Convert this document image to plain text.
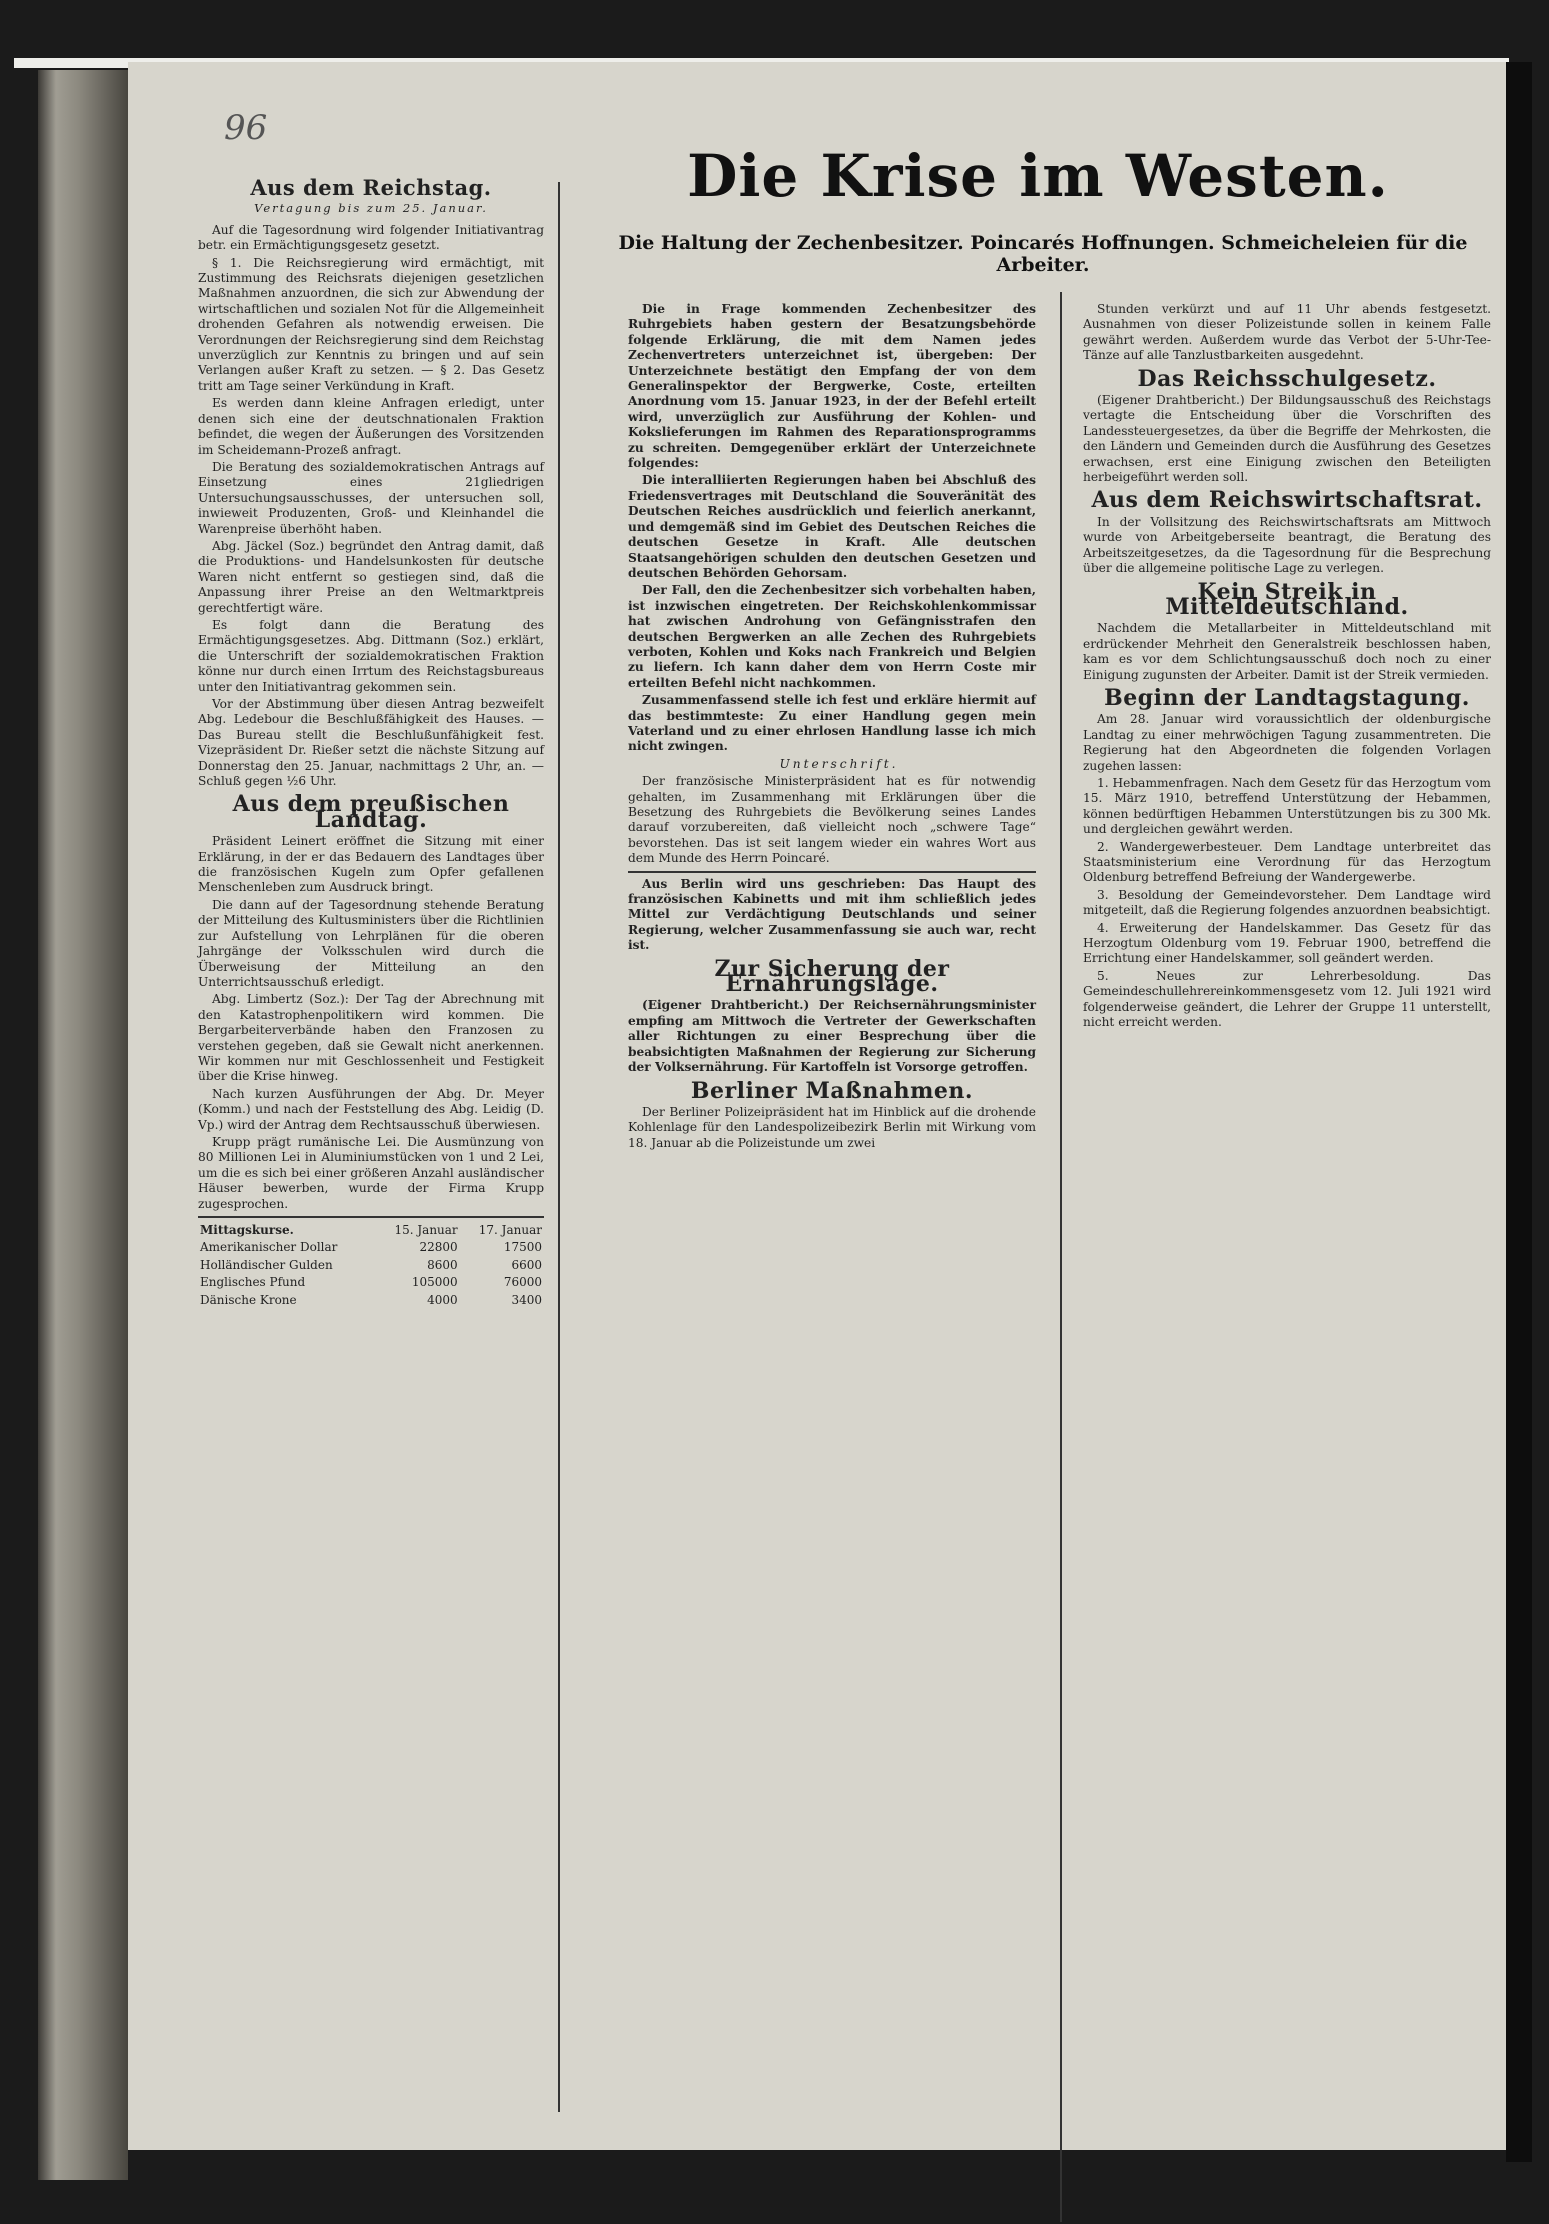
96
Die Krise im Westen.
Die Haltung der Zechenbesitzer. Poincarés Hoffnungen. Schmeicheleien für die Arbeiter.
Aus dem Reichstag.
Vertagung bis zum 25. Januar.

Auf die Tagesordnung wird folgender Initiativantrag betr. ein Ermächtigungsgesetz gesetzt.

§ 1. Die Reichsregierung wird ermächtigt, mit Zustimmung des Reichsrats diejenigen gesetzlichen Maßnahmen anzuordnen, die sich zur Abwendung der wirtschaftlichen und sozialen Not für die Allgemeinheit drohenden Gefahren als notwendig erweisen. Die Verordnungen der Reichsregierung sind dem Reichstag unverzüglich zur Kenntnis zu bringen und auf sein Verlangen außer Kraft zu setzen. — § 2. Das Gesetz tritt am Tage seiner Verkündung in Kraft.

Es werden dann kleine Anfragen erledigt, unter denen sich eine der deutschnationalen Fraktion befindet, die wegen der Äußerungen des Vorsitzenden im Scheidemann-Prozeß anfragt.

Die Beratung des sozialdemokratischen Antrags auf Einsetzung eines 21gliedrigen Untersuchungsausschusses, der untersuchen soll, inwieweit Produzenten, Groß- und Kleinhandel die Warenpreise überhöht haben.

Abg. Jäckel (Soz.) begründet den Antrag damit, daß die Produktions- und Handelsunkosten für deutsche Waren nicht entfernt so gestiegen sind, daß die Anpassung ihrer Preise an den Weltmarktpreis gerechtfertigt wäre.

Es folgt dann die Beratung des Ermächtigungsgesetzes. Abg. Dittmann (Soz.) erklärt, die Unterschrift der sozialdemokratischen Fraktion könne nur durch einen Irrtum des Reichstagsbureaus unter den Initiativantrag gekommen sein.

Vor der Abstimmung über diesen Antrag bezweifelt Abg. Ledebour die Beschlußfähigkeit des Hauses. — Das Bureau stellt die Beschlußunfähigkeit fest. Vizepräsident Dr. Rießer setzt die nächste Sitzung auf Donnerstag den 25. Januar, nachmittags 2 Uhr, an. — Schluß gegen ½6 Uhr.

Aus dem preußischen Landtag.

Präsident Leinert eröffnet die Sitzung mit einer Erklärung, in der er das Bedauern des Landtages über die französischen Kugeln zum Opfer gefallenen Menschenleben zum Ausdruck bringt.

Die dann auf der Tagesordnung stehende Beratung der Mitteilung des Kultusministers über die Richtlinien zur Aufstellung von Lehrplänen für die oberen Jahrgänge der Volksschulen wird durch die Überweisung der Mitteilung an den Unterrichtsausschuß erledigt.

Abg. Limbertz (Soz.): Der Tag der Abrechnung mit den Katastrophenpolitikern wird kommen. Die Bergarbeiterverbände haben den Franzosen zu verstehen gegeben, daß sie Gewalt nicht anerkennen. Wir kommen nur mit Geschlossenheit und Festigkeit über die Krise hinweg.

Nach kurzen Ausführungen der Abg. Dr. Meyer (Komm.) und nach der Feststellung des Abg. Leidig (D. Vp.) wird der Antrag dem Rechtsausschuß überwiesen.

Krupp prägt rumänische Lei. Die Ausmünzung von 80 Millionen Lei in Aluminiumstücken von 1 und 2 Lei, um die es sich bei einer größeren Anzahl ausländischer Häuser bewerben, wurde der Firma Krupp zugesprochen.

Mittagskurse.	15. Januar	17. Januar
Amerikanischer Dollar	22800	17500
Holländischer Gulden	8600	6600
Englisches Pfund	105000	76000
Dänische Krone	4000	3400

Die in Frage kommenden Zechenbesitzer des Ruhrgebiets haben gestern der Besatzungsbehörde folgende Erklärung, die mit dem Namen jedes Zechenvertreters unterzeichnet ist, übergeben: Der Unterzeichnete bestätigt den Empfang der von dem Generalinspektor der Bergwerke, Coste, erteilten Anordnung vom 15. Januar 1923, in der der Befehl erteilt wird, unverzüglich zur Ausführung der Kohlen- und Kokslieferungen im Rahmen des Reparationsprogramms zu schreiten. Demgegenüber erklärt der Unterzeichnete folgendes:

Die interalliierten Regierungen haben bei Abschluß des Friedensvertrages mit Deutschland die Souveränität des Deutschen Reiches ausdrücklich und feierlich anerkannt, und demgemäß sind im Gebiet des Deutschen Reiches die deutschen Gesetze in Kraft. Alle deutschen Staatsangehörigen schulden den deutschen Gesetzen und deutschen Behörden Gehorsam.

Der Fall, den die Zechenbesitzer sich vorbehalten haben, ist inzwischen eingetreten. Der Reichskohlenkommissar hat zwischen Androhung von Gefängnisstrafen den deutschen Bergwerken an alle Zechen des Ruhrgebiets verboten, Kohlen und Koks nach Frankreich und Belgien zu liefern. Ich kann daher dem von Herrn Coste mir erteilten Befehl nicht nachkommen.

Zusammenfassend stelle ich fest und erkläre hiermit auf das bestimmteste: Zu einer Handlung gegen mein Vaterland und zu einer ehrlosen Handlung lasse ich mich nicht zwingen.

Unterschrift.

Der französische Ministerpräsident hat es für notwendig gehalten, im Zusammenhang mit Erklärungen über die Besetzung des Ruhrgebiets die Bevölkerung seines Landes darauf vorzubereiten, daß vielleicht noch „schwere Tage“ bevorstehen. Das ist seit langem wieder ein wahres Wort aus dem Munde des Herrn Poincaré.

Aus Berlin wird uns geschrieben: Das Haupt des französischen Kabinetts und mit ihm schließlich jedes Mittel zur Verdächtigung Deutschlands und seiner Regierung, welcher Zusammenfassung sie auch war, recht ist.

Zur Sicherung der Ernährungslage.

(Eigener Drahtbericht.) Der Reichsernährungsminister empfing am Mittwoch die Vertreter der Gewerkschaften aller Richtungen zu einer Besprechung über die beabsichtigten Maßnahmen der Regierung zur Sicherung der Volksernährung. Für Kartoffeln ist Vorsorge getroffen.

Berliner Maßnahmen.

Der Berliner Polizeipräsident hat im Hinblick auf die drohende Kohlenlage für den Landespolizeibezirk Berlin mit Wirkung vom 18. Januar ab die Polizeistunde um zwei

Stunden verkürzt und auf 11 Uhr abends festgesetzt. Ausnahmen von dieser Polizeistunde sollen in keinem Falle gewährt werden. Außerdem wurde das Verbot der 5-Uhr-Tee-Tänze auf alle Tanzlustbarkeiten ausgedehnt.

Das Reichsschulgesetz.

(Eigener Drahtbericht.) Der Bildungsausschuß des Reichstags vertagte die Entscheidung über die Vorschriften des Landessteuergesetzes, da über die Begriffe der Mehrkosten, die den Ländern und Gemeinden durch die Ausführung des Gesetzes erwachsen, erst eine Einigung zwischen den Beteiligten herbeigeführt werden soll.

Aus dem Reichswirtschaftsrat.

In der Vollsitzung des Reichswirtschaftsrats am Mittwoch wurde von Arbeitgeberseite beantragt, die Beratung des Arbeitszeitgesetzes, da die Tagesordnung für die Besprechung über die allgemeine politische Lage zu verlegen.

Kein Streik in Mitteldeutschland.

Nachdem die Metallarbeiter in Mitteldeutschland mit erdrückender Mehrheit den Generalstreik beschlossen haben, kam es vor dem Schlichtungsausschuß doch noch zu einer Einigung zugunsten der Arbeiter. Damit ist der Streik vermieden.

Beginn der Landtagstagung.

Am 28. Januar wird voraussichtlich der oldenburgische Landtag zu einer mehrwöchigen Tagung zusammentreten. Die Regierung hat den Abgeordneten die folgenden Vorlagen zugehen lassen:

1. Hebammenfragen. Nach dem Gesetz für das Herzogtum vom 15. März 1910, betreffend Unterstützung der Hebammen, können bedürftigen Hebammen Unterstützungen bis zu 300 Mk. und dergleichen gewährt werden.

2. Wandergewerbesteuer. Dem Landtage unterbreitet das Staatsministerium eine Verordnung für das Herzogtum Oldenburg betreffend Befreiung der Wandergewerbe.

3. Besoldung der Gemeindevorsteher. Dem Landtage wird mitgeteilt, daß die Regierung folgendes anzuordnen beabsichtigt.

4. Erweiterung der Handelskammer. Das Gesetz für das Herzogtum Oldenburg vom 19. Februar 1900, betreffend die Errichtung einer Handelskammer, soll geändert werden.

5. Neues zur Lehrerbesoldung. Das Gemeindeschullehrereinkommensgesetz vom 12. Juli 1921 wird folgenderweise geändert, die Lehrer der Gruppe 11 unterstellt, nicht erreicht werden.
